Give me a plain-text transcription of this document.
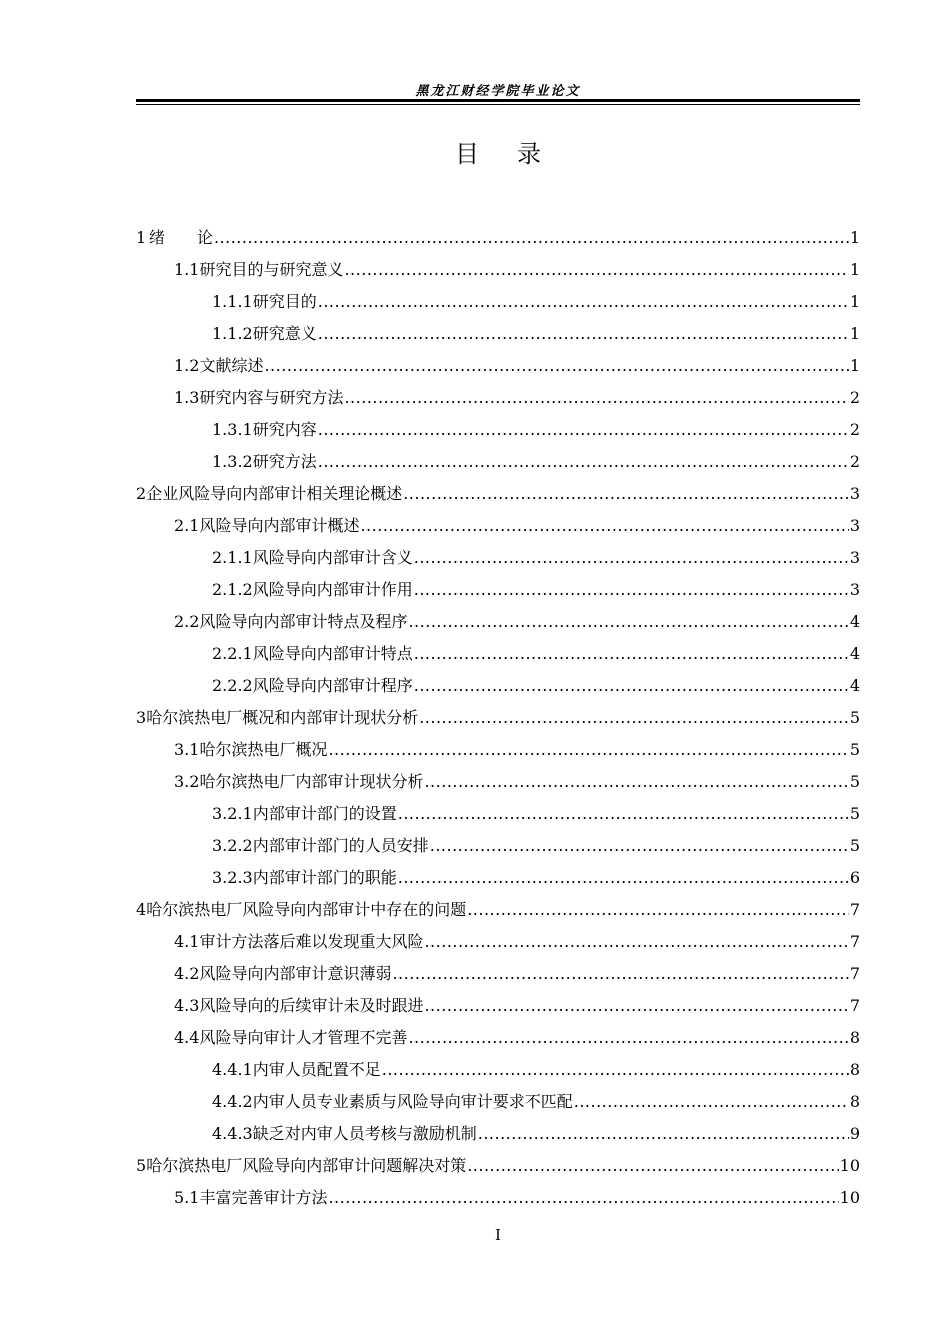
黑龙江财经学院毕业论文
目录
1 绪　　论 .....	1
1.1 研究目的与研究意义 .....	1
1.1.1 研究目的 .....	1
1.1.2 研究意义 .....	1
1.2 文献综述 .....	1
1.3 研究内容与研究方法 .....	2
1.3.1 研究内容 .....	2
1.3.2 研究方法 .....	2
2 企业风险导向内部审计相关理论概述 .....	3
2.1 风险导向内部审计概述 .....	3
2.1.1 风险导向内部审计含义 .....	3
2.1.2 风险导向内部审计作用 .....	3
2.2 风险导向内部审计特点及程序 .....	4
2.2.1 风险导向内部审计特点 .....	4
2.2.2 风险导向内部审计程序 .....	4
3 哈尔滨热电厂概况和内部审计现状分析 .....	5
3.1 哈尔滨热电厂概况 .....	5
3.2 哈尔滨热电厂内部审计现状分析 .....	5
3.2.1 内部审计部门的设置 .....	5
3.2.2 内部审计部门的人员安排 .....	5
3.2.3 内部审计部门的职能 .....	6
4 哈尔滨热电厂风险导向内部审计中存在的问题 .....	7
4.1 审计方法落后难以发现重大风险 .....	7
4.2 风险导向内部审计意识薄弱 .....	7
4.3 风险导向的后续审计未及时跟进 .....	7
4.4 风险导向审计人才管理不完善 .....	8
4.4.1 内审人员配置不足 .....	8
4.4.2 内审人员专业素质与风险导向审计要求不匹配 .....	8
4.4.3 缺乏对内审人员考核与激励机制 .....	9
5 哈尔滨热电厂风险导向内部审计问题解决对策 .....	10
5.1 丰富完善审计方法 .....	10
I
